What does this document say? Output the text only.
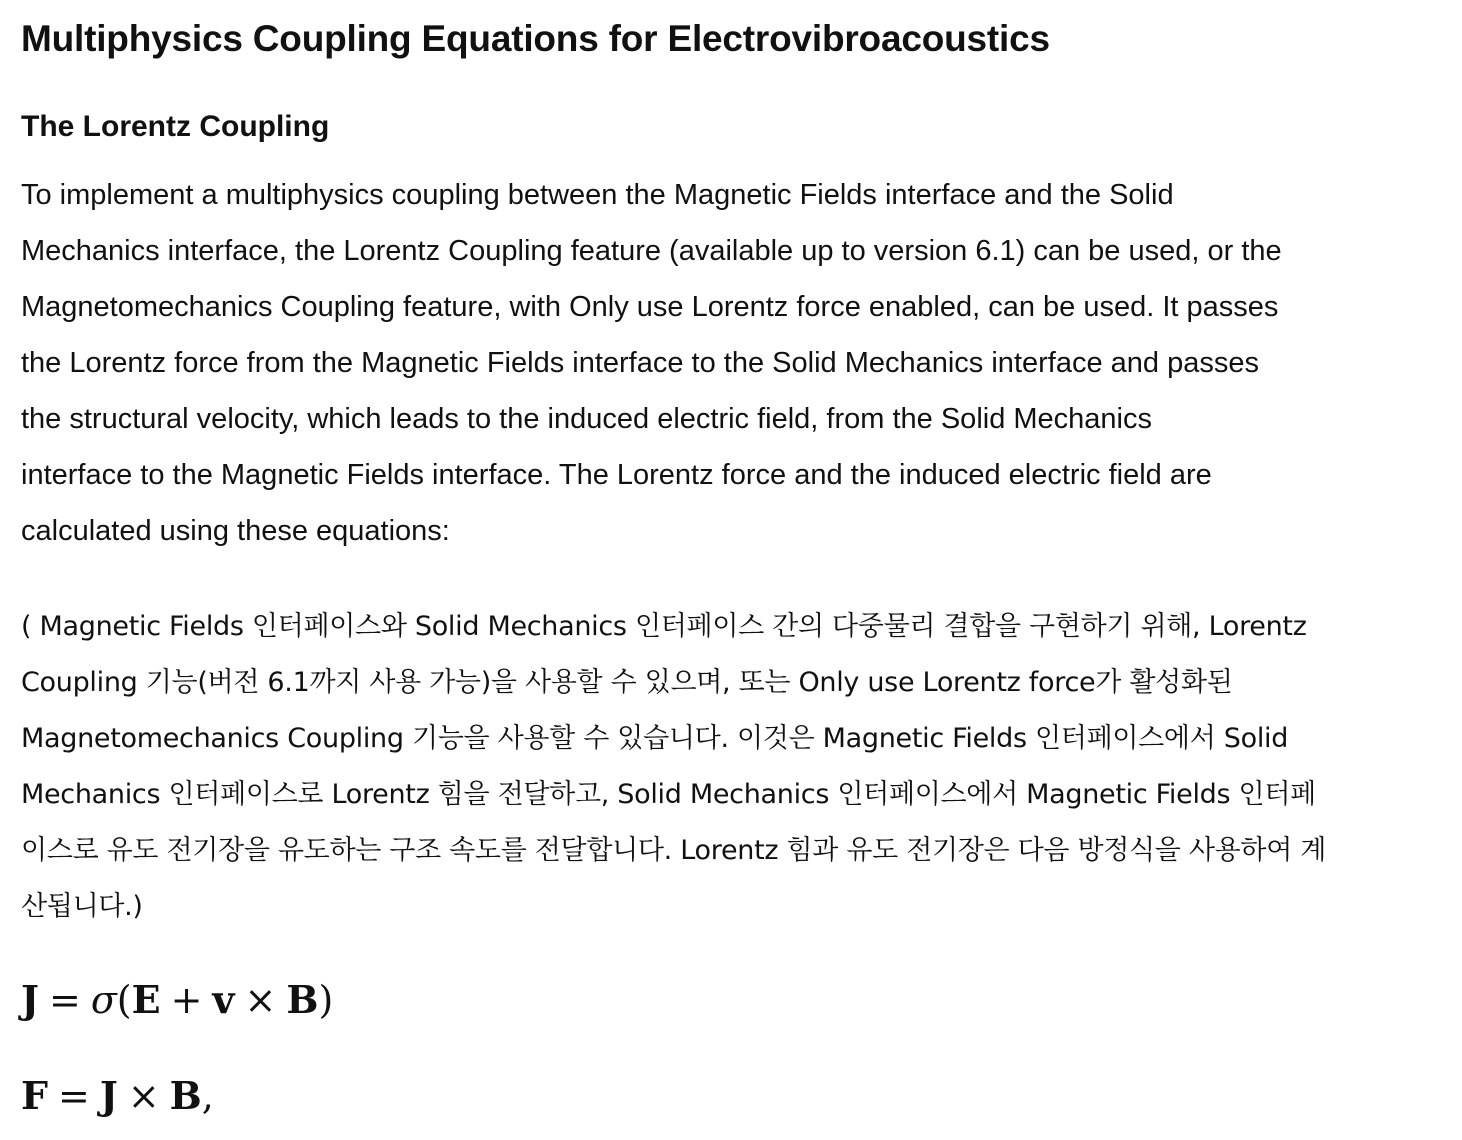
Multiphysics Coupling Equations for Electrovibroacoustics
The Lorentz Coupling
To implement a multiphysics coupling between the Magnetic Fields interface and the Solid
Mechanics interface, the Lorentz Coupling feature (available up to version 6.1) can be used, or the
Magnetomechanics Coupling feature, with Only use Lorentz force enabled, can be used. It passes
the Lorentz force from the Magnetic Fields interface to the Solid Mechanics interface and passes
the structural velocity, which leads to the induced electric field, from the Solid Mechanics
interface to the Magnetic Fields interface. The Lorentz force and the induced electric field are
calculated using these equations:
( Magnetic Fields 인터페이스와 Solid Mechanics 인터페이스 간의 다중물리 결합을 구현하기 위해, Lorentz
Coupling 기능(버전 6.1까지 사용 가능)을 사용할 수 있으며, 또는 Only use Lorentz force가 활성화된
Magnetomechanics Coupling 기능을 사용할 수 있습니다. 이것은 Magnetic Fields 인터페이스에서 Solid
Mechanics 인터페이스로 Lorentz 힘을 전달하고, Solid Mechanics 인터페이스에서 Magnetic Fields 인터페
이스로 유도 전기장을 유도하는 구조 속도를 전달합니다. Lorentz 힘과 유도 전기장은 다음 방정식을 사용하여 계
산됩니다.)
J = σ(E + v × B)
F = J × B,
